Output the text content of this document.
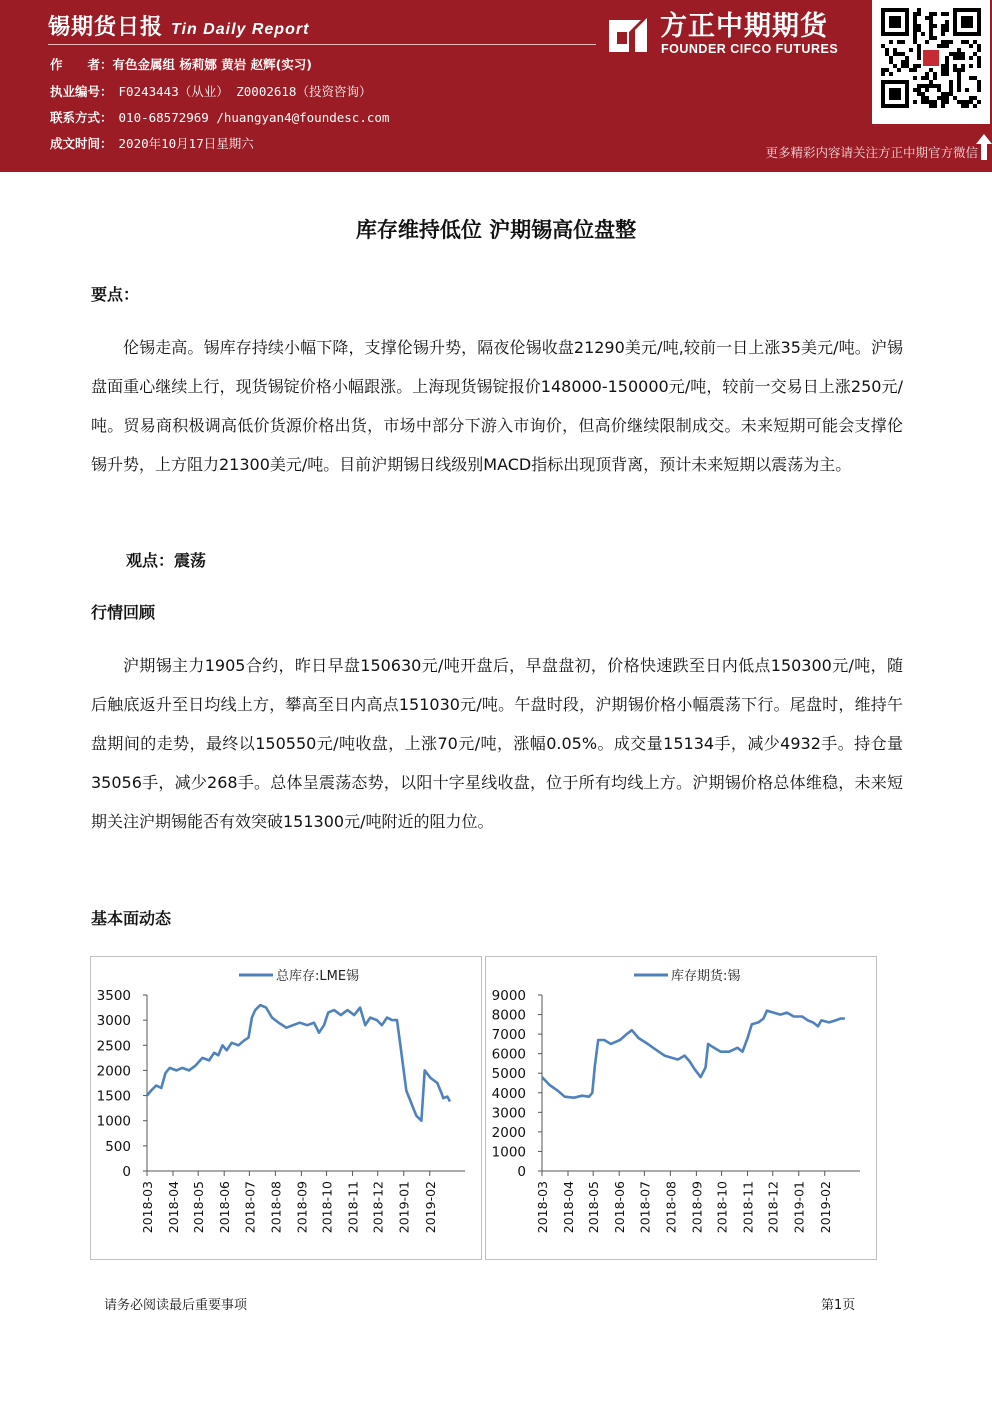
锡期货日报 Tin Daily Report
作　　者：有色金属组 杨莉娜 黄岩 赵辉(实习)
执业编号： F0243443（从业） Z0002618（投资咨询）
联系方式： 010-68572969 /huangyan4@foundesc.com
成文时间： 2020年10月17日星期六
方正中期期货
FOUNDER CIFCO FUTURES
更多精彩内容请关注方正中期官方微信
库存维持低位 沪期锡高位盘整
要点：

伦锡走高。锡库存持续小幅下降，支撑伦锡升势，隔夜伦锡收盘21290美元/吨,较前一日上涨35美元/吨。沪锡盘面重心继续上行，现货锡锭价格小幅跟涨。上海现货锡锭报价148000-150000元/吨，较前一交易日上涨250元/吨。贸易商积极调高低价货源价格出货，市场中部分下游入市询价，但高价继续限制成交。未来短期可能会支撑伦锡升势，上方阻力21300美元/吨。目前沪期锡日线级别MACD指标出现顶背离，预计未来短期以震荡为主。

观点：震荡
行情回顾

沪期锡主力1905合约，昨日早盘150630元/吨开盘后，早盘盘初，价格快速跌至日内低点150300元/吨，随后触底返升至日均线上方，攀高至日内高点151030元/吨。午盘时段，沪期锡价格小幅震荡下行。尾盘时，维持午盘期间的走势，最终以150550元/吨收盘，上涨70元/吨，涨幅0.05%。成交量15134手，减少4932手。持仓量35056手，减少268手。总体呈震荡态势，以阳十字星线收盘，位于所有均线上方。沪期锡价格总体维稳，未来短期关注沪期锡能否有效突破151300元/吨附近的阻力位。

基本面动态
总库存:LME锡
0
500
1000
1500
2000
2500
3000
3500
2018-03 2018-04 2018-05 2018-06 2018-07 2018-08 2018-09 2018-10 2018-11 2018-12 2019-01 2019-02
库存期货:锡
0
1000
2000
3000
4000
5000
6000
7000
8000
9000
2018-03 2018-04 2018-05 2018-06 2018-07 2018-08 2018-09 2018-10 2018-11 2018-12 2019-01 2019-02
请务必阅读最后重要事项	第1页
